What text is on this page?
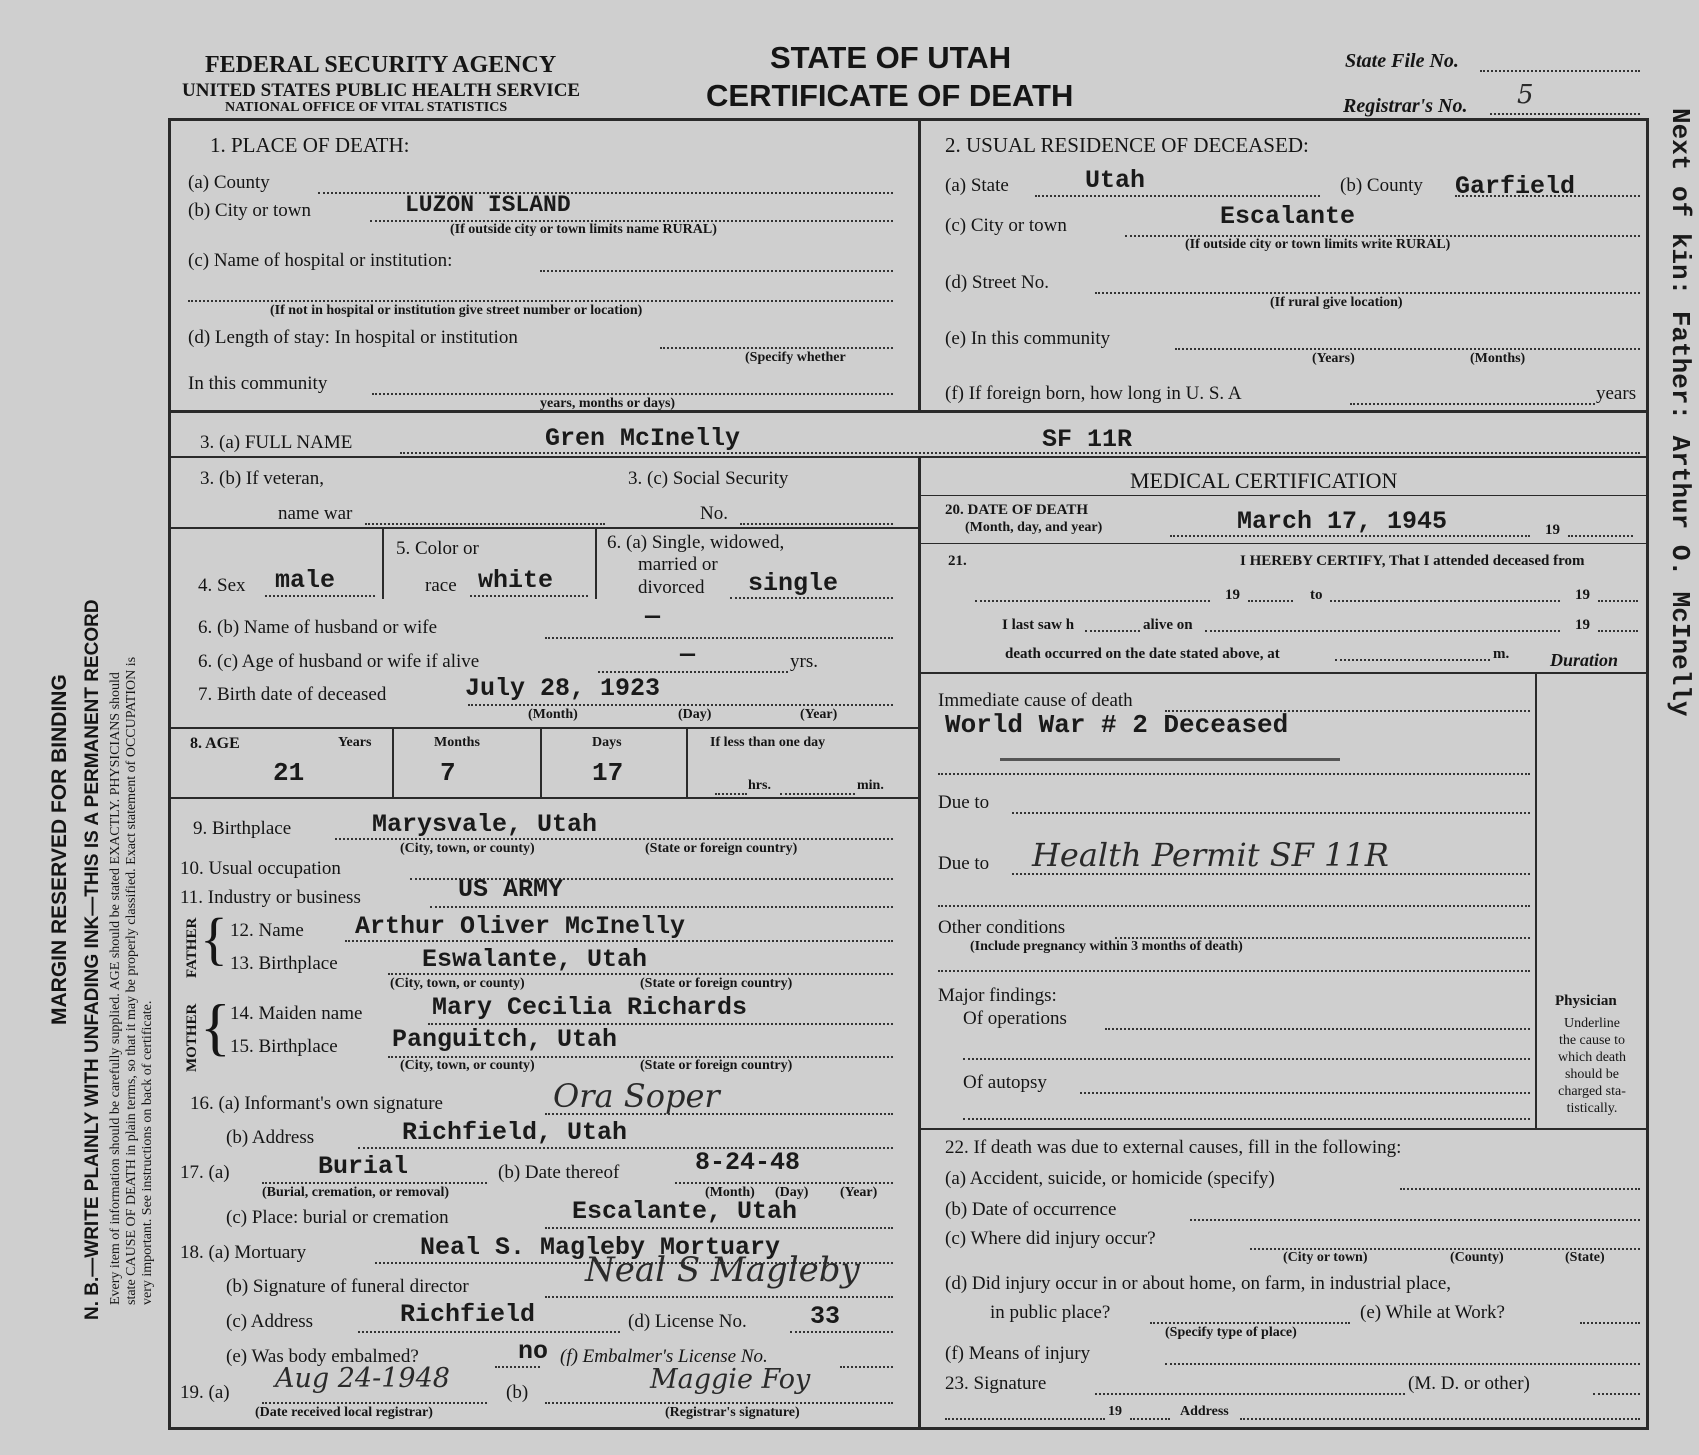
MARGIN RESERVED FOR BINDING N. B.—WRITE PLAINLY WITH UNFADING INK—THIS IS A PERMANENT RECORD Every item of information should be carefully supplied. AGE should be stated EXACTLY. PHYSICIANS should state CAUSE OF DEATH in plain terms, so that it may be properly classified. Exact statement of OCCUPATION is very important. See instructions on back of certificate.
Next of kin: Father: Arthur O. McInelly
FEDERAL SECURITY AGENCY
UNITED STATES PUBLIC HEALTH SERVICE
NATIONAL OFFICE OF VITAL STATISTICS
STATE OF UTAH
CERTIFICATE OF DEATH
State File No.
Registrar's No. 5
1. PLACE OF DEATH:
(a) County
(b) City or town	LUZON ISLAND
(If outside city or town limits name RURAL)
(c) Name of hospital or institution:
(If not in hospital or institution give street number or location)
(d) Length of stay: In hospital or institution
(Specify whether
In this community
years, months or days)
2. USUAL RESIDENCE OF DECEASED:
(a) State	Utah	(b) County Garfield
(c) City or town	Escalante
(If outside city or town limits write RURAL)
(d) Street No.
(If rural give location)
(e) In this community
(Years)	(Months)
(f) If foreign born, how long in U. S. A	years
3. (a) FULL NAME	Gren McInelly	SF 11R
3. (b) If veteran,
name war
3. (c) Social Security
No.
4. Sex male
5. Color or
race white
6. (a) Single, widowed,
married or
divorced single
6. (b) Name of husband or wife	—
6. (c) Age of husband or wife if alive	—	yrs.
7. Birth date of deceased	July 28, 1923
(Month)	(Day)	(Year)
8. AGE	Years
21
Months
7
Days
17
If less than one day
hrs.	min.
9. Birthplace	Marysvale, Utah
(City, town, or county)	(State or foreign country)
10. Usual occupation
11. Industry or business	US ARMY
FATHER { 12. Name Arthur Oliver McInelly
13. Birthplace	Eswalante, Utah
(City, town, or county)	(State or foreign country)
MOTHER { 14. Maiden name	Mary Cecilia Richards
15. Birthplace Panguitch, Utah
(City, town, or county)	(State or foreign country)
16. (a) Informant's own signature	Ora Soper
(b) Address	Richfield, Utah
17. (a)	Burial
(Burial, cremation, or removal)
(b) Date thereof	8-24-48
(Month) (Day) (Year)
(c) Place: burial or cremation	Escalante, Utah
18. (a) Mortuary	Neal S. Magleby Mortuary
(b) Signature of funeral director	Neal S Magleby
(c) Address	Richfield	(d) License No.	33
(e) Was body embalmed?	no (f) Embalmer's License No.
19. (a) Aug 24-1948
(Date received local registrar)
(b)	Maggie Foy
(Registrar's signature)
MEDICAL CERTIFICATION
20. DATE OF DEATH
(Month, day, and year)	March 17, 1945	19
21.	I HEREBY CERTIFY, That I attended deceased from
19	to	19
I last saw h	alive on	19
death occurred on the date stated above, at	m. Duration
Immediate cause of death
World War # 2 Deceased
Due to
Due to Health Permit SF 11R
Other conditions
(Include pregnancy within 3 months of death)
Major findings:
Of operations
Of autopsy
Physician
Underline
the cause to
which death
should be
charged sta-
tistically.
22. If death was due to external causes, fill in the following:
(a) Accident, suicide, or homicide (specify)
(b) Date of occurrence
(c) Where did injury occur?
(City or town)	(County)	(State)
(d) Did injury occur in or about home, on farm, in industrial place,
in public place?
(Specify type of place)
(e) While at Work?
(f) Means of injury
23. Signature	(M. D. or other)
19	Address
